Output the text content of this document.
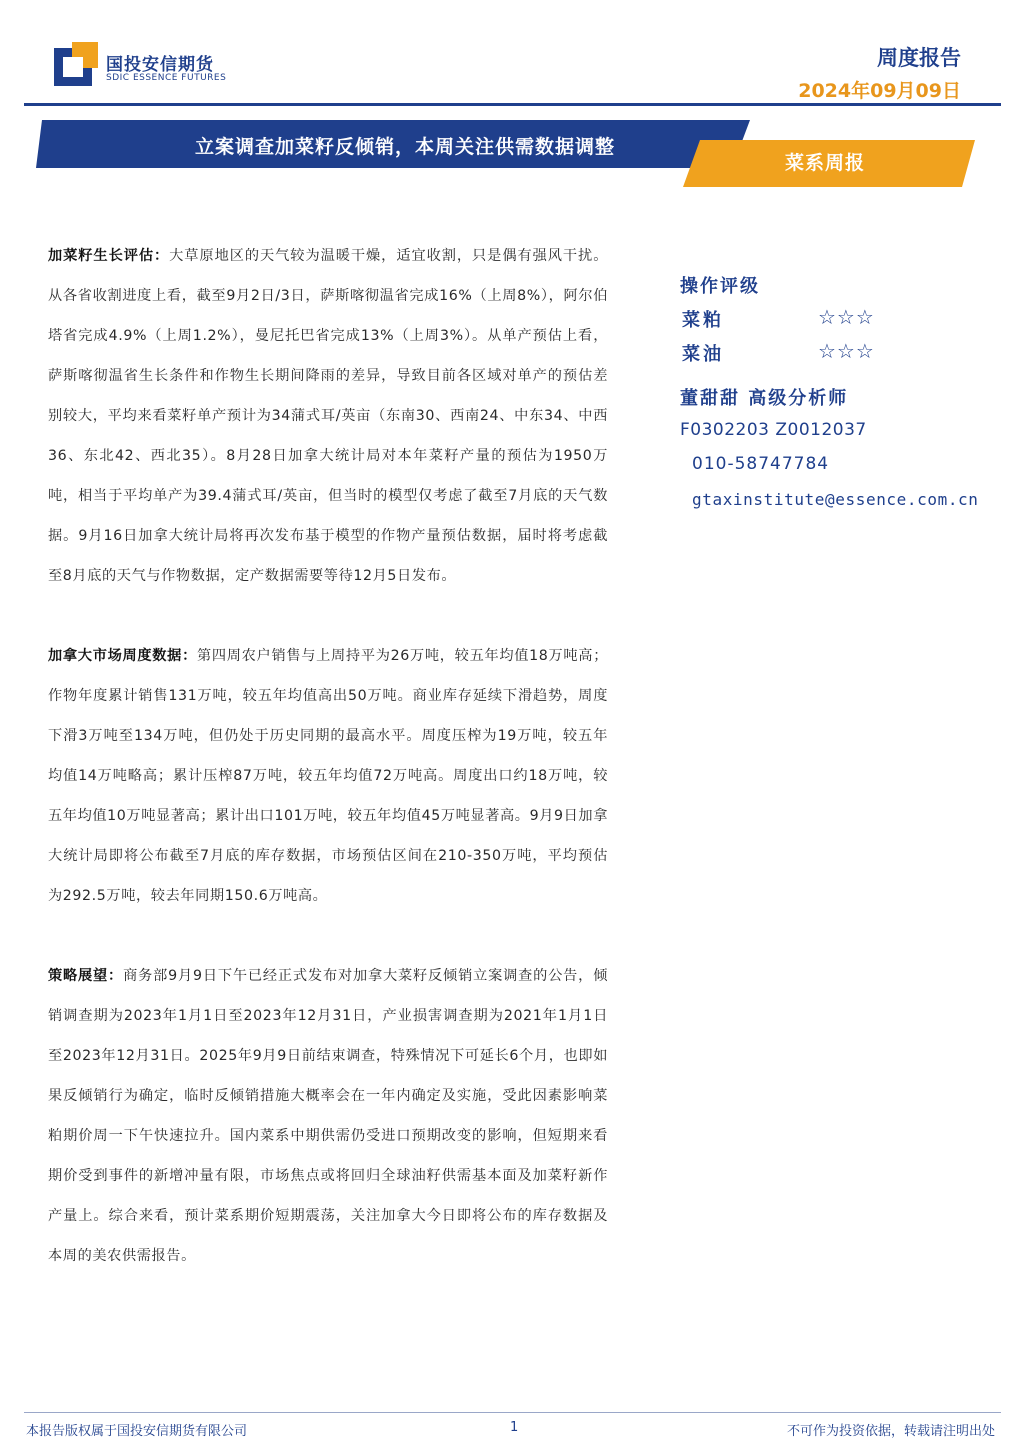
国投安信期货
SDIC ESSENCE FUTURES
周度报告
2024年09月09日
立案调查加菜籽反倾销，本周关注供需数据调整
菜系周报

加菜籽生长评估：大草原地区的天气较为温暖干燥，适宜收割，只是偶有强风干扰。从各省收割进度上看，截至9月2日/3日，萨斯喀彻温省完成16%（上周8%），阿尔伯塔省完成4.9%（上周1.2%），曼尼托巴省完成13%（上周3%）。从单产预估上看，萨斯喀彻温省生长条件和作物生长期间降雨的差异，导致目前各区域对单产的预估差别较大，平均来看菜籽单产预计为34蒲式耳/英亩（东南30、西南24、中东34、中西36、东北42、西北35）。8月28日加拿大统计局对本年菜籽产量的预估为1950万吨，相当于平均单产为39.4蒲式耳/英亩，但当时的模型仅考虑了截至7月底的天气数据。9月16日加拿大统计局将再次发布基于模型的作物产量预估数据，届时将考虑截至8月底的天气与作物数据，定产数据需要等待12月5日发布。

加拿大市场周度数据：第四周农户销售与上周持平为26万吨，较五年均值18万吨高；作物年度累计销售131万吨，较五年均值高出50万吨。商业库存延续下滑趋势，周度下滑3万吨至134万吨，但仍处于历史同期的最高水平。周度压榨为19万吨，较五年均值14万吨略高；累计压榨87万吨，较五年均值72万吨高。周度出口约18万吨，较五年均值10万吨显著高；累计出口101万吨，较五年均值45万吨显著高。9月9日加拿大统计局即将公布截至7月底的库存数据，市场预估区间在210-350万吨，平均预估为292.5万吨，较去年同期150.6万吨高。

策略展望：商务部9月9日下午已经正式发布对加拿大菜籽反倾销立案调查的公告，倾销调查期为2023年1月1日至2023年12月31日，产业损害调查期为2021年1月1日至2023年12月31日。2025年9月9日前结束调查，特殊情况下可延长6个月，也即如果反倾销行为确定，临时反倾销措施大概率会在一年内确定及实施，受此因素影响菜粕期价周一下午快速拉升。国内菜系中期供需仍受进口预期改变的影响，但短期来看期价受到事件的新增冲量有限，市场焦点或将回归全球油籽供需基本面及加菜籽新作产量上。综合来看，预计菜系期价短期震荡，关注加拿大今日即将公布的库存数据及本周的美农供需报告。

操作评级
菜粕	☆☆☆
菜油	☆☆☆
董甜甜 高级分析师
F0302203 Z0012037
010-58747784
gtaxinstitute@essence.com.cn
本报告版权属于国投安信期货有限公司	1	不可作为投资依据，转载请注明出处
